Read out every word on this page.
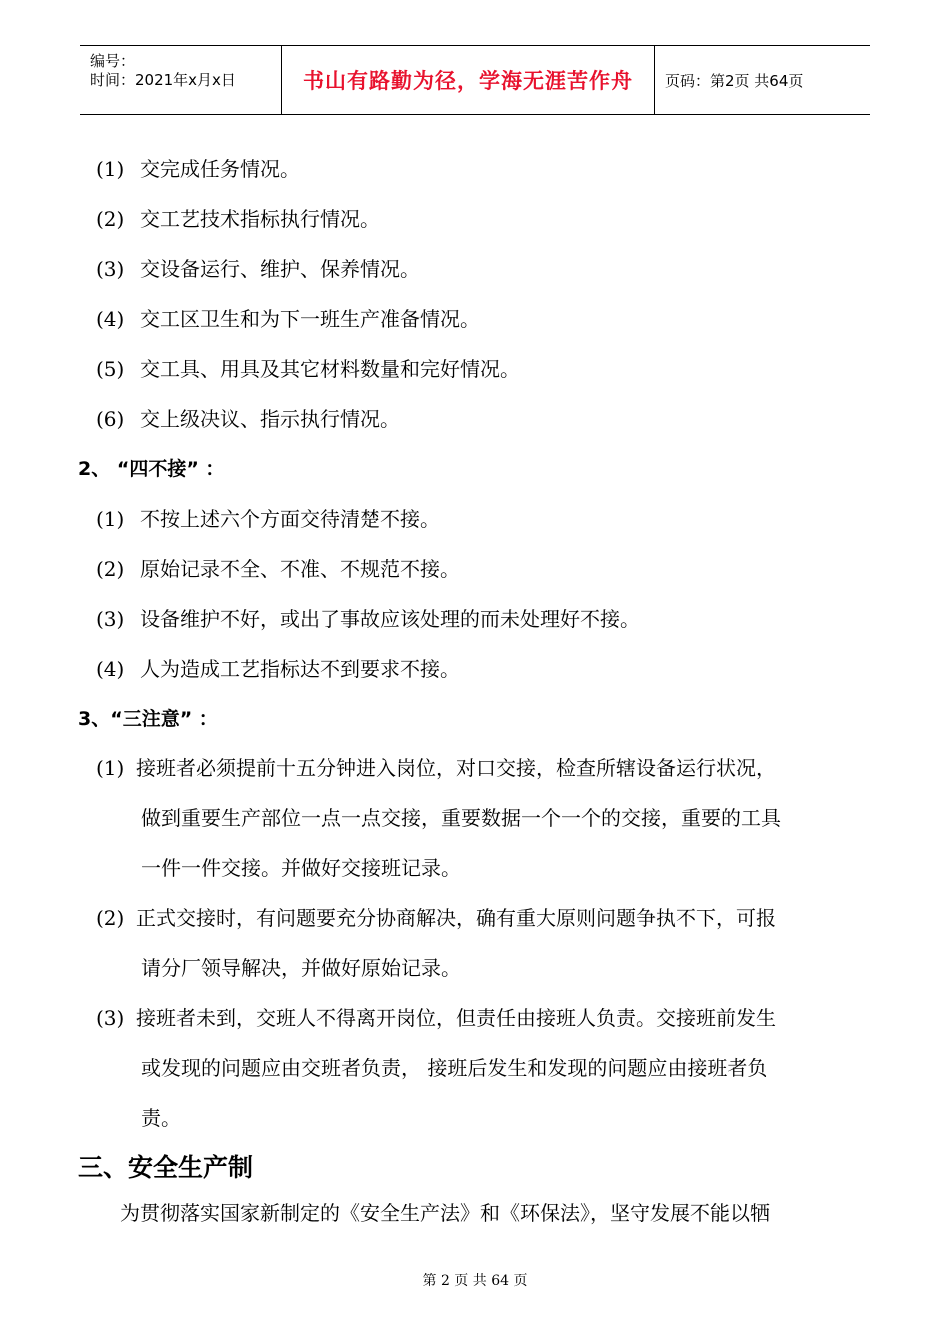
编号：
时间：2021年x月x日	书山有路勤为径，学海无涯苦作舟	页码：第2页 共64页
(1) 交完成任务情况。
(2) 交工艺技术指标执行情况。
(3) 交设备运行、维护、保养情况。
(4) 交工区卫生和为下一班生产准备情况。
(5) 交工具、用具及其它材料数量和完好情况。
(6) 交上级决议、指示执行情况。
2、 “四不接” ：
(1) 不按上述六个方面交待清楚不接。
(2) 原始记录不全、不准、不规范不接。
(3) 设备维护不好，或出了事故应该处理的而未处理好不接。
(4) 人为造成工艺指标达不到要求不接。
3、“三注意” ：
(1) 接班者必须提前十五分钟进入岗位，对口交接，检查所辖设备运行状况，
做到重要生产部位一点一点交接，重要数据一个一个的交接，重要的工具
一件一件交接。并做好交接班记录。
(2) 正式交接时，有问题要充分协商解决，确有重大原则问题争执不下，可报
请分厂领导解决，并做好原始记录。
(3) 接班者未到，交班人不得离开岗位，但责任由接班人负责。交接班前发生
或发现的问题应由交班者负责， 接班后发生和发现的问题应由接班者负
责。
三、安全生产制
为贯彻落实国家新制定的《安全生产法》和《环保法》，坚守发展不能以牺
第 2 页 共 64 页
